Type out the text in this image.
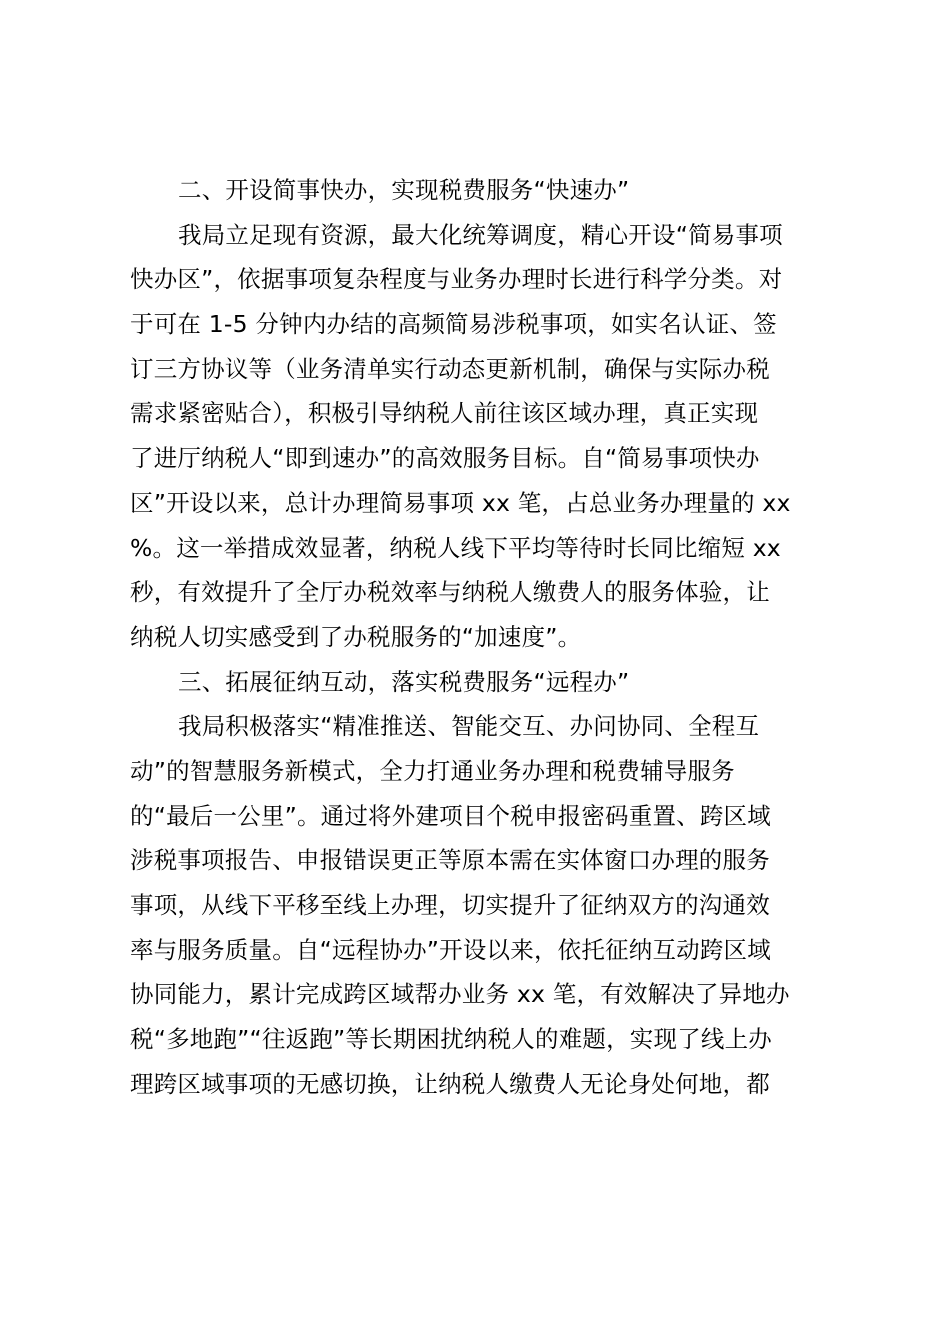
二、开设简事快办，实现税费服务“快速办”
我局立足现有资源，最大化统筹调度，精心开设“简易事项
快办区”，依据事项复杂程度与业务办理时长进行科学分类。对
于可在 1-5 分钟内办结的高频简易涉税事项，如实名认证、签
订三方协议等（业务清单实行动态更新机制，确保与实际办税
需求紧密贴合），积极引导纳税人前往该区域办理，真正实现
了进厅纳税人“即到速办”的高效服务目标。自“简易事项快办
区”开设以来，总计办理简易事项 xx 笔，占总业务办理量的 xx
%。这一举措成效显著，纳税人线下平均等待时长同比缩短 xx
秒，有效提升了全厅办税效率与纳税人缴费人的服务体验，让
纳税人切实感受到了办税服务的“加速度”。
三、拓展征纳互动，落实税费服务“远程办”
我局积极落实“精准推送、智能交互、办问协同、全程互
动”的智慧服务新模式，全力打通业务办理和税费辅导服务
的“最后一公里”。通过将外建项目个税申报密码重置、跨区域
涉税事项报告、申报错误更正等原本需在实体窗口办理的服务
事项，从线下平移至线上办理，切实提升了征纳双方的沟通效
率与服务质量。自“远程协办”开设以来，依托征纳互动跨区域
协同能力，累计完成跨区域帮办业务 xx 笔，有效解决了异地办
税“多地跑”“往返跑”等长期困扰纳税人的难题，实现了线上办
理跨区域事项的无感切换，让纳税人缴费人无论身处何地，都
